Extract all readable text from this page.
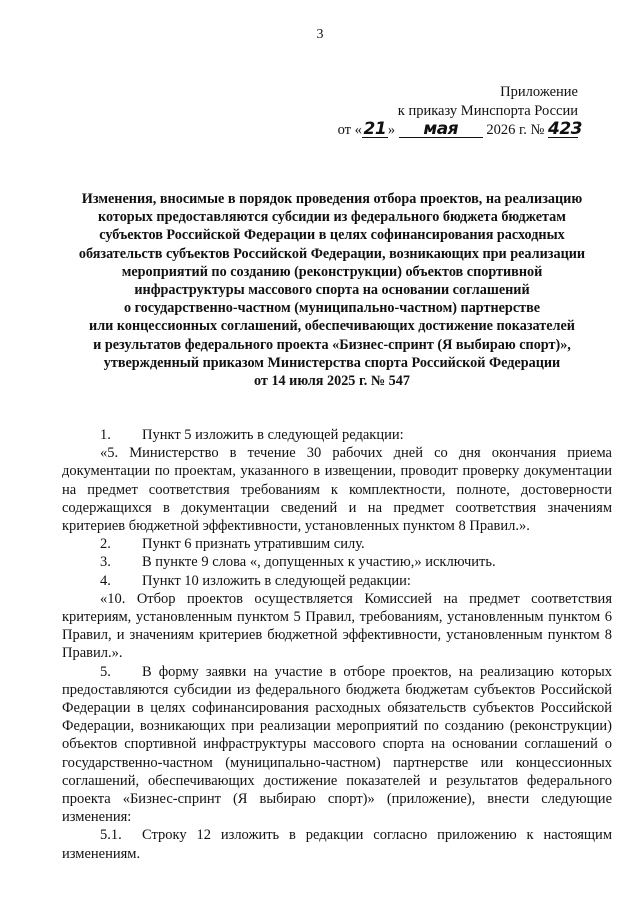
3
Приложение
к приказу Минспорта России
от «21 » мая 2026 г. № 423
Изменения, вносимые в порядок проведения отбора проектов, на реализацию
которых предоставляются субсидии из федерального бюджета бюджетам
субъектов Российской Федерации в целях софинансирования расходных
обязательств субъектов Российской Федерации, возникающих при реализации
мероприятий по созданию (реконструкции) объектов спортивной
инфраструктуры массового спорта на основании соглашений
о государственно-частном (муниципально-частном) партнерстве
или концессионных соглашений, обеспечивающих достижение показателей
и результатов федерального проекта «Бизнес-спринт (Я выбираю спорт)»,
утвержденный приказом Министерства спорта Российской Федерации
от 14 июля 2025 г. № 547

1. Пункт 5 изложить в следующей редакции:

«5. Министерство в течение 30 рабочих дней со дня окончания приема документации по проектам, указанного в извещении, проводит проверку документации на предмет соответствия требованиям к комплектности, полноте, достоверности содержащихся в документации сведений и на предмет соответствия значениям критериев бюджетной эффективности, установленных пунктом 8 Правил.».

2. Пункт 6 признать утратившим силу.

3. В пункте 9 слова «, допущенных к участию,» исключить.

4. Пункт 10 изложить в следующей редакции:

«10. Отбор проектов осуществляется Комиссией на предмет соответствия критериям, установленным пунктом 5 Правил, требованиям, установленным пунктом 6 Правил, и значениям критериев бюджетной эффективности, установленным пунктом 8 Правил.».

5. В форму заявки на участие в отборе проектов, на реализацию которых предоставляются субсидии из федерального бюджета бюджетам субъектов Российской Федерации в целях софинансирования расходных обязательств субъектов Российской Федерации, возникающих при реализации мероприятий по созданию (реконструкции) объектов спортивной инфраструктуры массового спорта на основании соглашений о государственно-частном (муниципально-частном) партнерстве или концессионных соглашений, обеспечивающих достижение показателей и результатов федерального проекта «Бизнес-спринт (Я выбираю спорт)» (приложение), внести следующие изменения:

5.1. Строку 12 изложить в редакции согласно приложению к настоящим изменениям.
